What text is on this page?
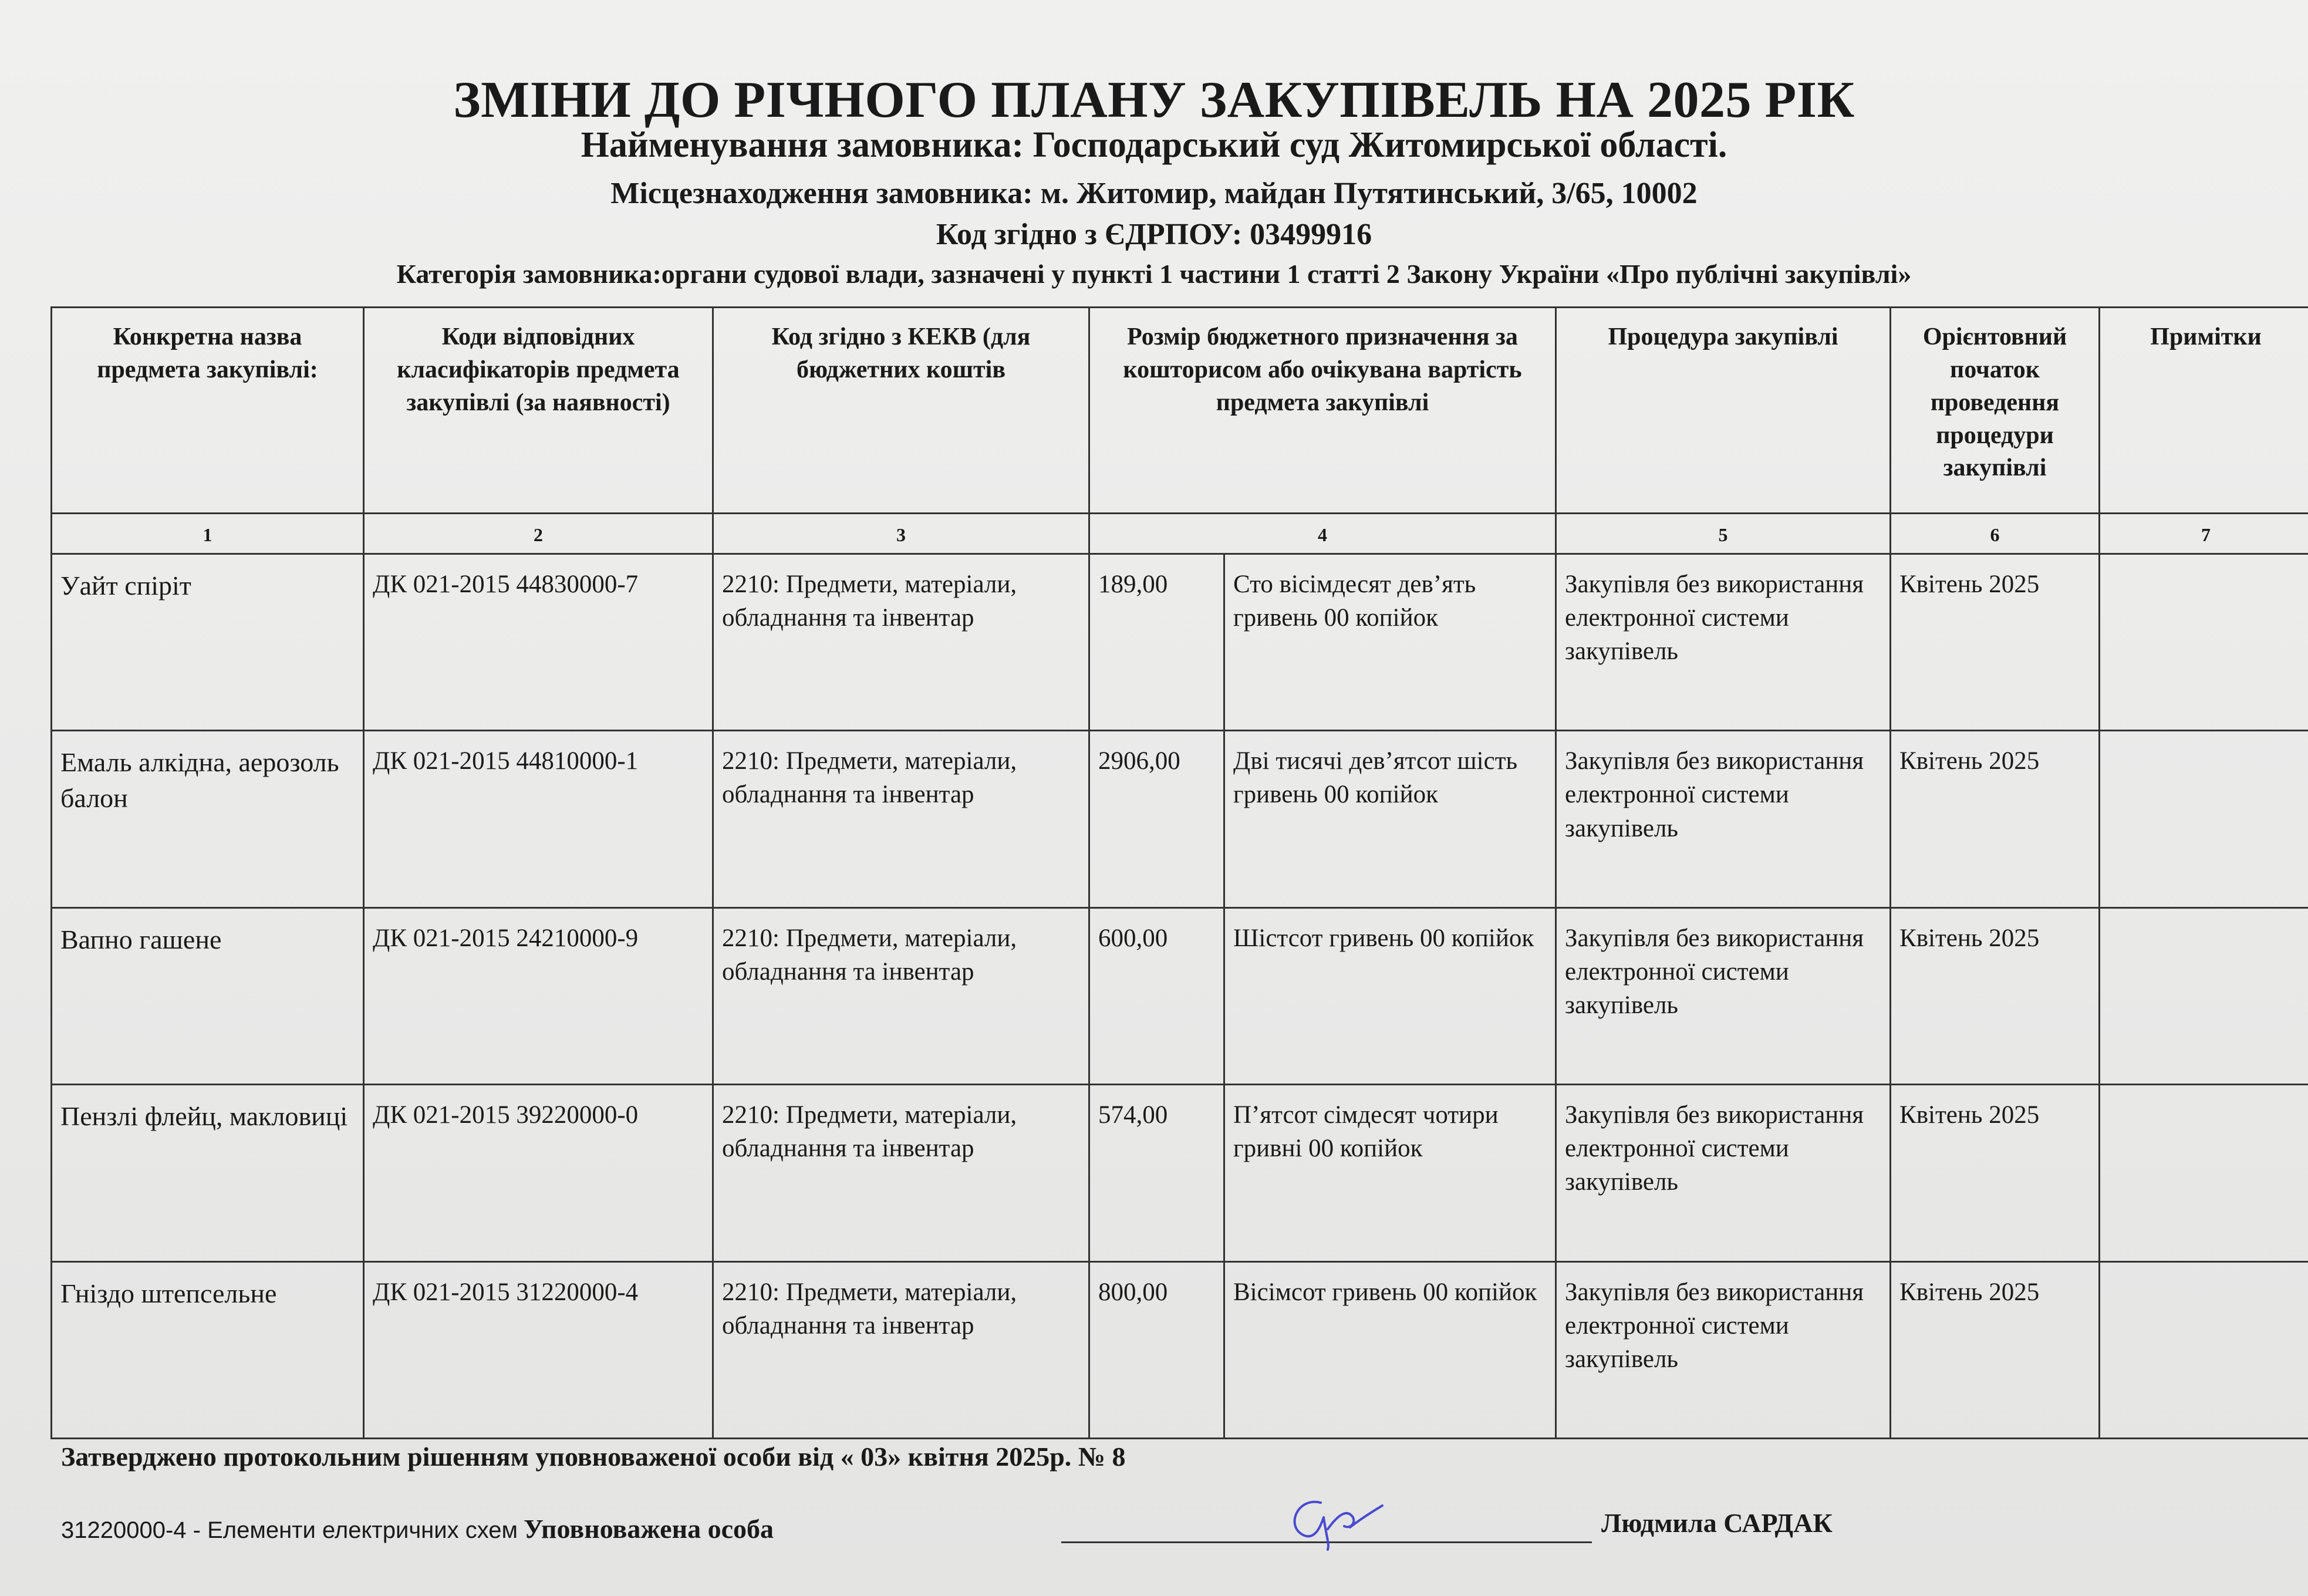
ЗМІНИ ДО РІЧНОГО ПЛАНУ ЗАКУПІВЕЛЬ НА 2025 РІК
Найменування замовника: Господарський суд Житомирської області.
Місцезнаходження замовника: м. Житомир, майдан Путятинський, 3/65, 10002
Код згідно з ЄДРПОУ: 03499916
Категорія замовника:органи судової влади, зазначені у пункті 1 частини 1 статті 2 Закону України «Про публічні закупівлі»
Конкретна назва предмета закупівлі:	Коди відповідних класифікаторів предмета закупівлі (за наявності)	Код згідно з КЕКВ (для бюджетних коштів	Розмір бюджетного призначення за кошторисом або очікувана вартість предмета закупівлі		Процедура закупівлі	Орієнтовний початок проведення процедури закупівлі	Примітки
1	2	3	4		5	6	7
Уайт спіріт	ДК 021-2015 44830000-7	2210: Предмети, матеріали, обладнання та інвентар	189,00	Сто вісімдесят дев’ять гривень 00 копійок	Закупівля без використання електронної системи закупівель	Квітень 2025	
Емаль алкідна, аерозоль балон	ДК 021-2015 44810000-1	2210: Предмети, матеріали, обладнання та інвентар	2906,00	Дві тисячі дев’ятсот шість гривень 00 копійок	Закупівля без використання електронної системи закупівель	Квітень 2025	
Вапно гашене	ДК 021-2015 24210000-9	2210: Предмети, матеріали, обладнання та інвентар	600,00	Шістсот гривень 00 копійок	Закупівля без використання електронної системи закупівель	Квітень 2025	
Пензлі флейц, макловиці	ДК 021-2015 39220000-0	2210: Предмети, матеріали, обладнання та інвентар	574,00	П’ятсот сімдесят чотири гривні 00 копійок	Закупівля без використання електронної системи закупівель	Квітень 2025	
Гніздо штепсельне	ДК 021-2015 31220000-4	2210: Предмети, матеріали, обладнання та інвентар	800,00	Вісімсот гривень 00 копійок	Закупівля без використання електронної системи закупівель	Квітень 2025	
Затверджено протокольним рішенням уповноваженої особи від « 03» квітня 2025р. № 8
31220000-4 - Елементи електричних схем Уповноважена особа	Людмила САРДАК
